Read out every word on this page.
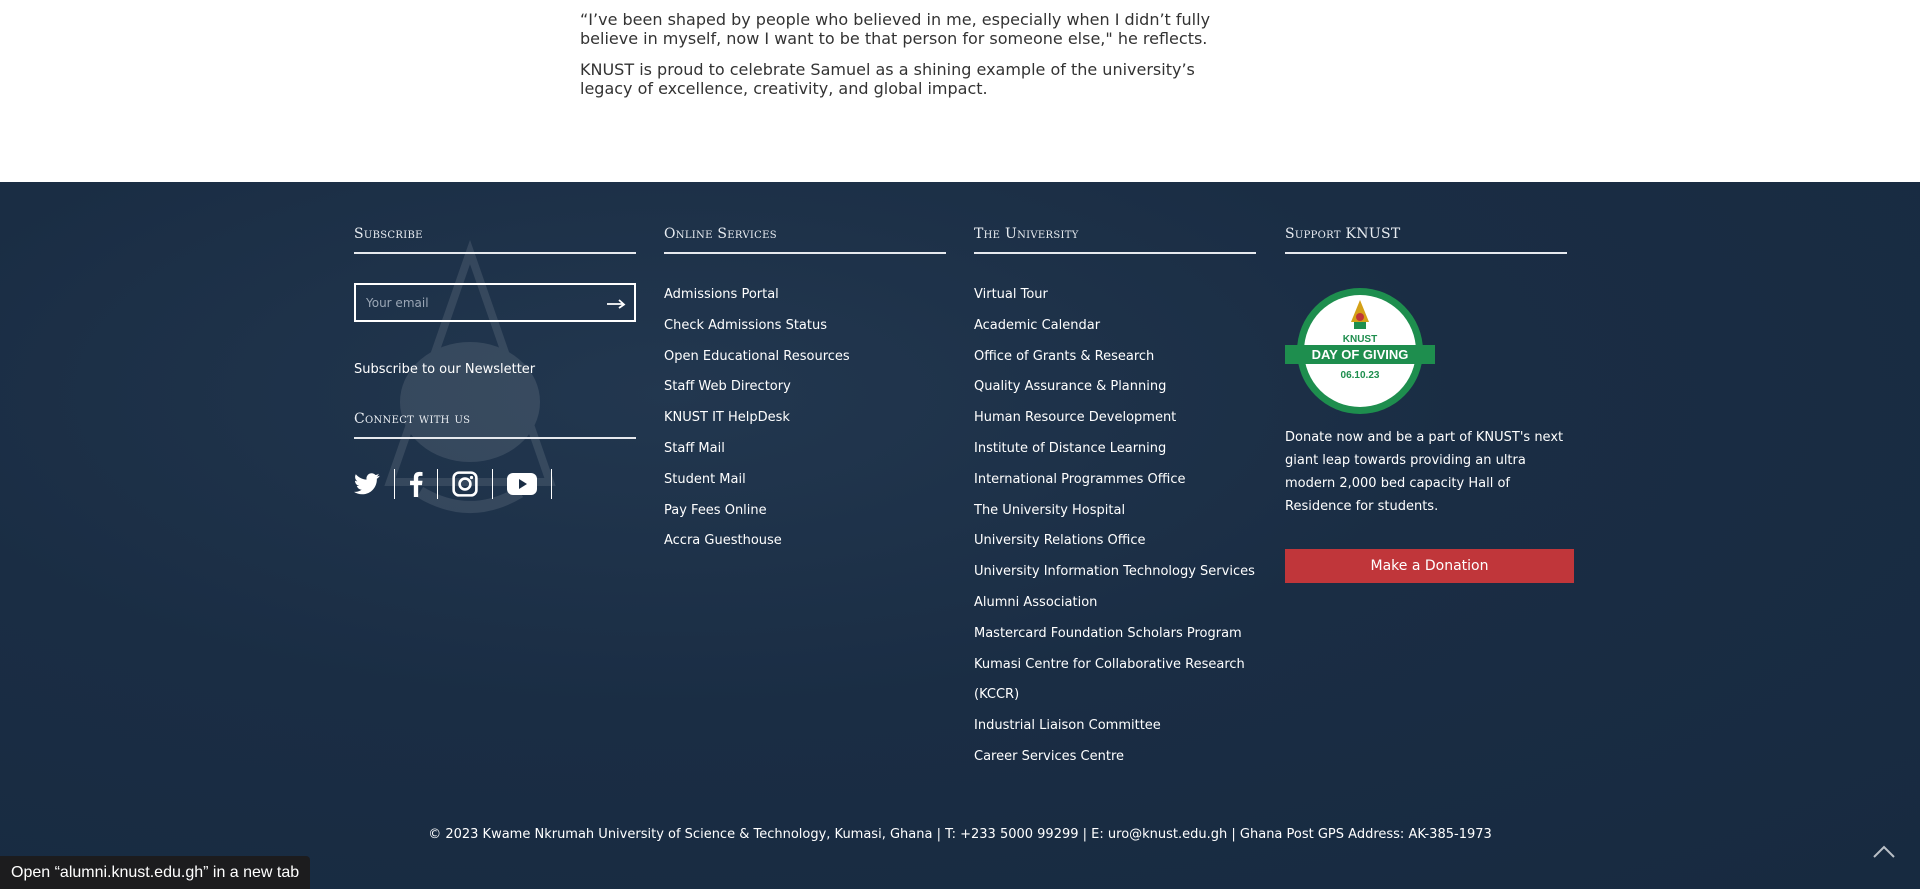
“I’ve been shaped by people who believed in me, especially when I didn’t fully believe in myself, now I want to be that person for someone else," he reflects.

KNUST is proud to celebrate Samuel as a shining example of the university’s legacy of excellence, creativity, and global impact.

Subscribe
Your email
Subscribe to our Newsletter
Connect with us
Online Services
Admissions Portal
Check Admissions Status
Open Educational Resources
Staff Web Directory
KNUST IT HelpDesk
Staff Mail
Student Mail
Pay Fees Online
Accra Guesthouse
The University
Virtual Tour
Academic Calendar
Office of Grants & Research
Quality Assurance & Planning
Human Resource Development
Institute of Distance Learning
International Programmes Office
The University Hospital
University Relations Office
University Information Technology Services
Alumni Association
Mastercard Foundation Scholars Program
Kumasi Centre for Collaborative Research
(KCCR)
Industrial Liaison Committee
Career Services Centre
Support KNUST
KNUST
DAY OF GIVING
06.10.23
DONATE TO KNUST
Donate now and be a part of KNUST's next giant leap towards providing an ultra modern 2,000 bed capacity Hall of Residence for students.
Make a Donation
© 2023 Kwame Nkrumah University of Science & Technology, Kumasi, Ghana | T: +233 5000 99299 | E: uro@knust.edu.gh | Ghana Post GPS Address: AK-385-1973
Open “alumni.knust.edu.gh” in a new tab
